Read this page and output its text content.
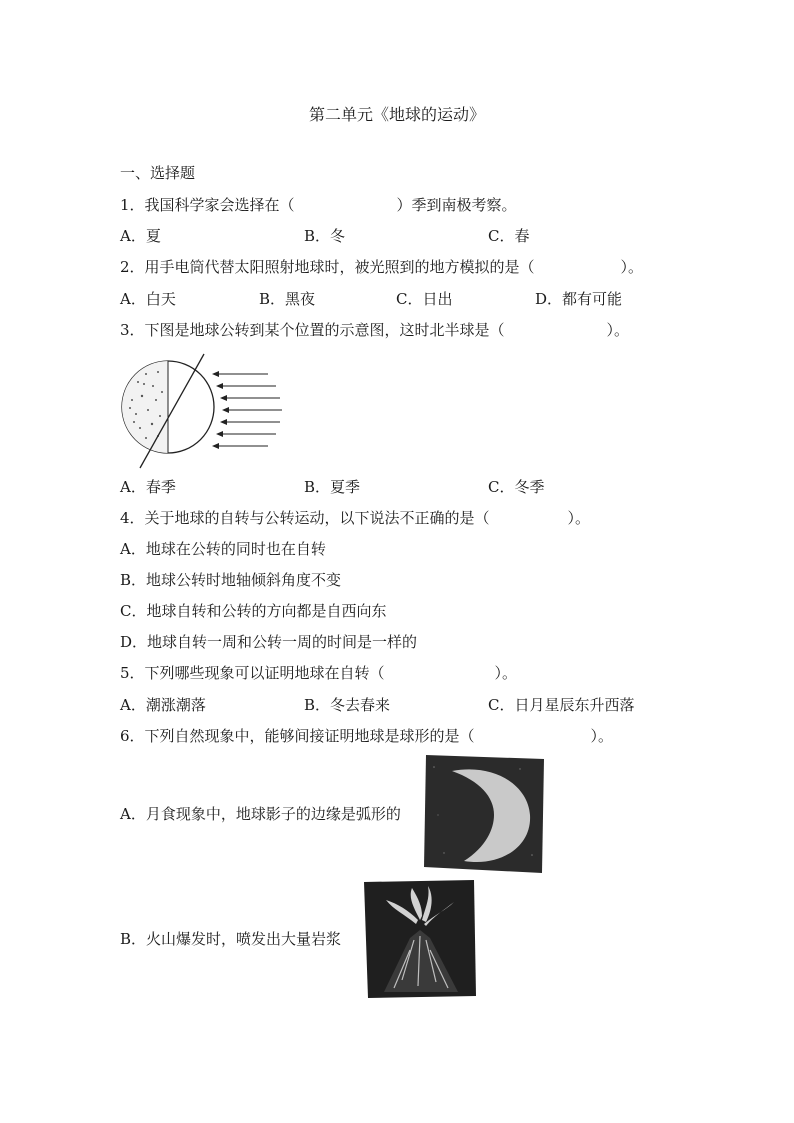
第二单元《地球的运动》
一、选择题
1．我国科学家会选择在（	）季到南极考察。
A．夏	B．冬	C．春
2．用手电筒代替太阳照射地球时，被光照到的地方模拟的是（	）。
A．白天	B．黑夜	C．日出	D．都有可能
3．下图是地球公转到某个位置的示意图，这时北半球是（	）。
A．春季	B．夏季	C．冬季
4．关于地球的自转与公转运动，以下说法不正确的是（	）。
A．地球在公转的同时也在自转
B．地球公转时地轴倾斜角度不变
C．地球自转和公转的方向都是自西向东
D．地球自转一周和公转一周的时间是一样的
5．下列哪些现象可以证明地球在自转（	）。
A．潮涨潮落	B．冬去春来	C．日月星辰东升西落
6．下列自然现象中，能够间接证明地球是球形的是（	）。
A．月食现象中，地球影子的边缘是弧形的
B．火山爆发时，喷发出大量岩浆
